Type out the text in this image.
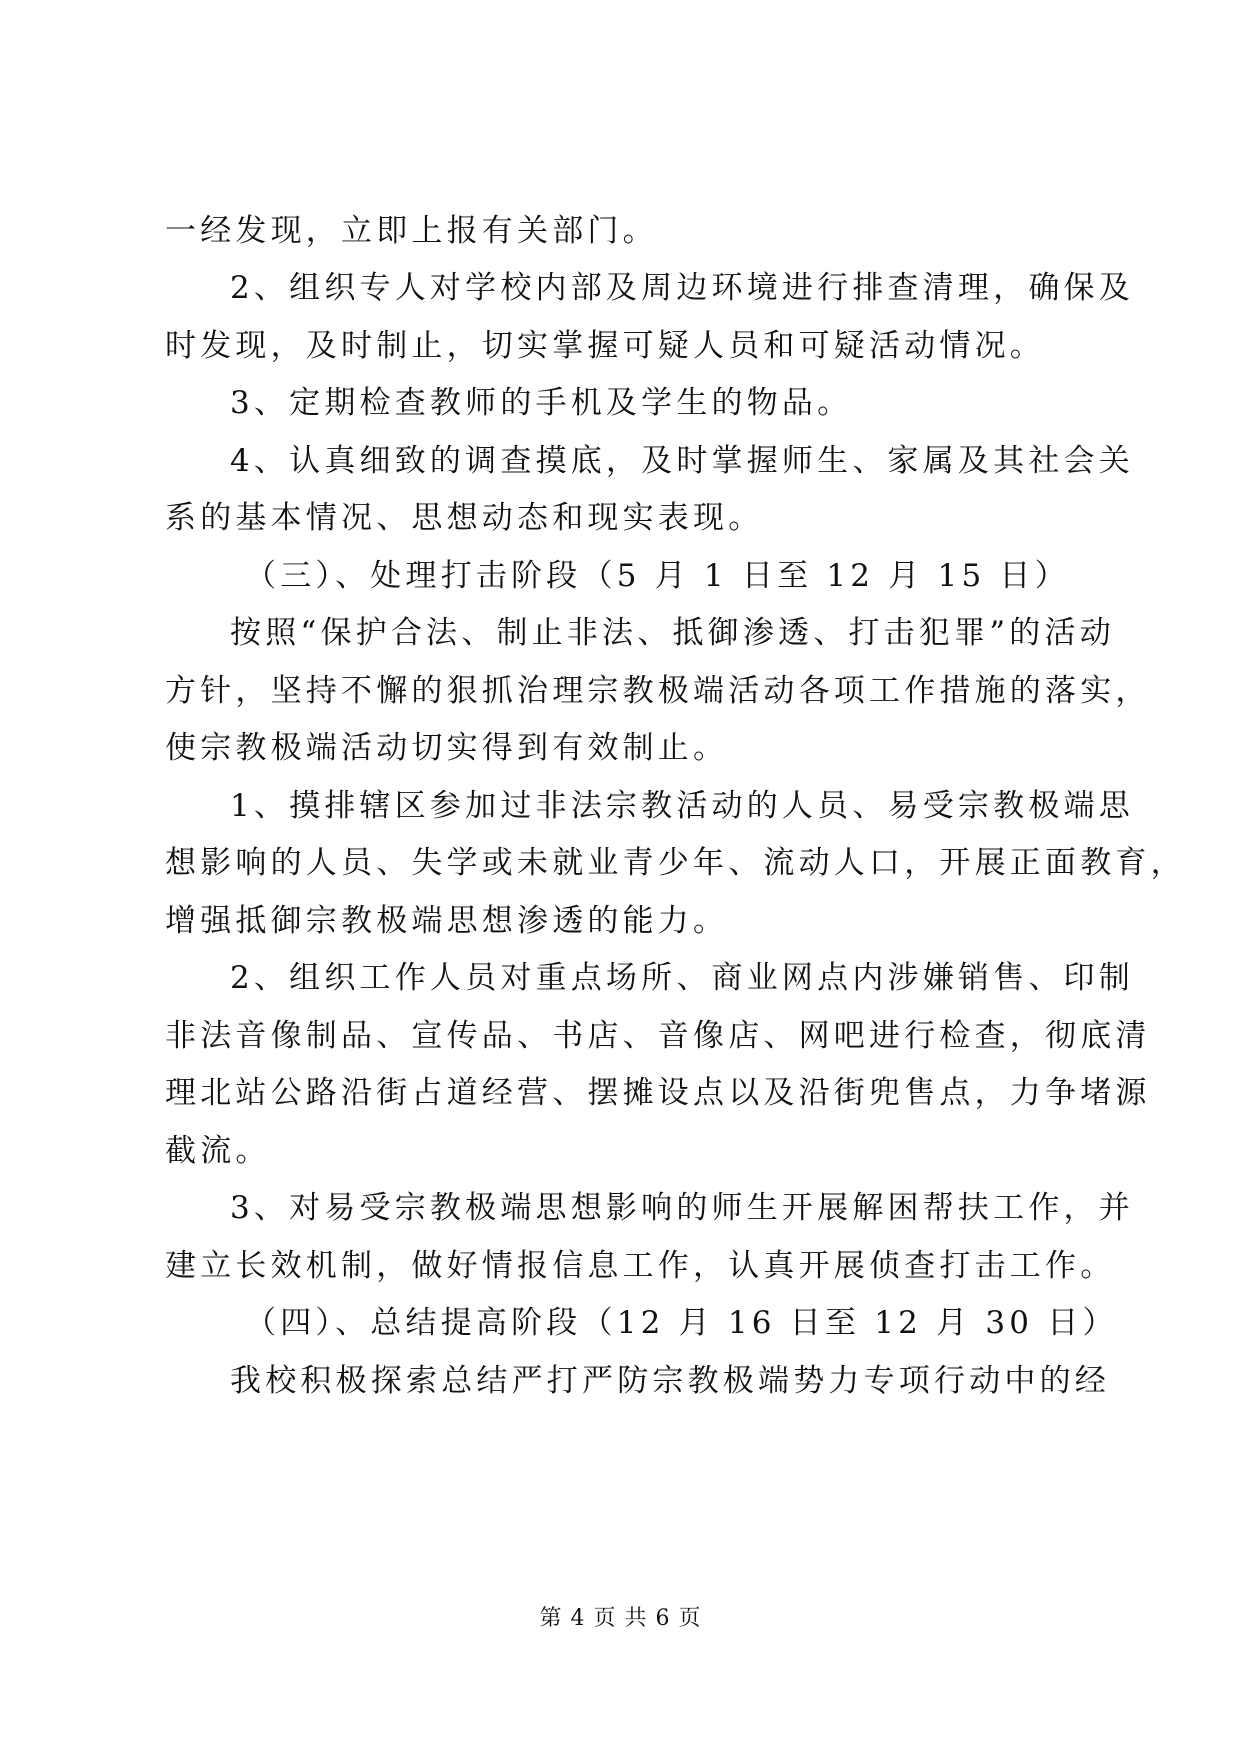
一经发现，立即上报有关部门。
2、组织专人对学校内部及周边环境进行排查清理，确保及
时发现，及时制止，切实掌握可疑人员和可疑活动情况。
3、定期检查教师的手机及学生的物品。
4、认真细致的调查摸底，及时掌握师生、家属及其社会关
系的基本情况、思想动态和现实表现。
（三）、处理打击阶段（5 月 1 日至 12 月 15 日）
按照“保护合法、制止非法、抵御渗透、打击犯罪”的活动
方针，坚持不懈的狠抓治理宗教极端活动各项工作措施的落实，
使宗教极端活动切实得到有效制止。
1、摸排辖区参加过非法宗教活动的人员、易受宗教极端思
想影响的人员、失学或未就业青少年、流动人口，开展正面教育，
增强抵御宗教极端思想渗透的能力。
2、组织工作人员对重点场所、商业网点内涉嫌销售、印制
非法音像制品、宣传品、书店、音像店、网吧进行检查，彻底清
理北站公路沿街占道经营、摆摊设点以及沿街兜售点，力争堵源
截流。
3、对易受宗教极端思想影响的师生开展解困帮扶工作，并
建立长效机制，做好情报信息工作，认真开展侦查打击工作。
（四）、总结提高阶段（12 月 16 日至 12 月 30 日）
我校积极探索总结严打严防宗教极端势力专项行动中的经
第 4 页 共 6 页
